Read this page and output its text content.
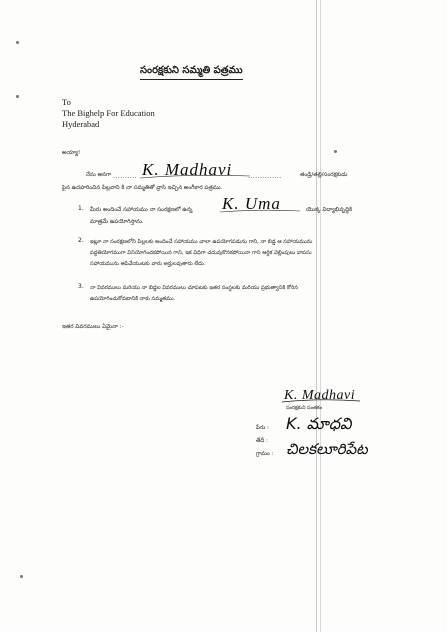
సంరక్షకుని సమ్మతి పత్రము
To
The Bighelp For Education
Hyderabad
అయ్యా!
నేను అనగా .......... K. Madhavi	..............	తండ్రి/తల్లి/సంరక్షకుడు
పైన ఉదహరించిన పిల్లవాని కి నా సమ్మతితో వ్రాసి ఇచ్చిన అంగీకార పత్రము.
1. మీరు అందించే సహాయము నా సంరక్షణలో ఉన్న K. Uma	యొక్క విద్యాభివృద్ధికి
మాత్రమే ఉపయోగిస్తాను.
2. ఇట్లూ నా సంరక్షణలోని పిల్లలకు అందించే సహాయము చాలా ఉపయోగపడును గాని, నా బిడ్డ ఆ సహాయమును
పద్ధతియోగముగా వినియోగించకపోయిన గాని, ఇక విధిగా చదువుకొనకపోయినా గాని ఆర్థిక వెల్లింపులు వాపసు
సహాయమును ఆపివేయుటకు వారు అర్హులవుతారు లేదు.
3. నా వివరములు మరియు నా బిడ్డల వివరములు చూపటకు ఇతర సంస్థలకు మరియు ప్రభుత్వానికి కోరిన
ఉపయోగించుకోవటానికి నాకు సమ్మతము.
ఇతర వివరములు ఏమైనా :-
K. Madhavi
సంరక్షకుని సంతకం
పేరు : K. మాధవి
తేదీ :
గ్రామం : చిలకలూరిపేట
